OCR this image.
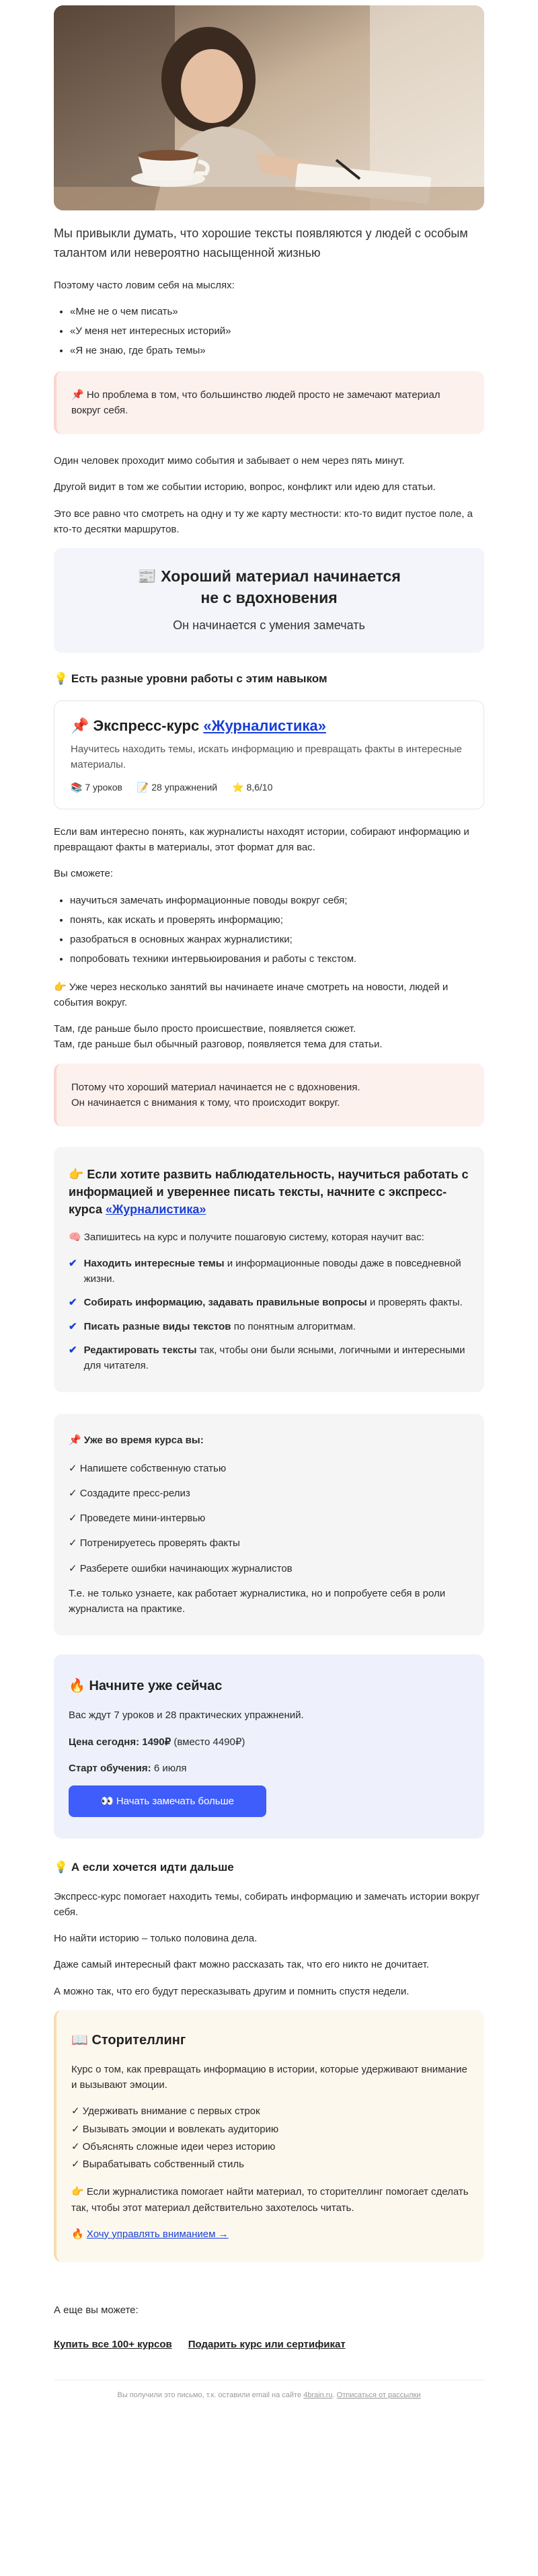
Мы привыкли думать, что хорошие тексты появляются у людей с особым талантом или невероятно насыщенной жизнью

Поэтому часто ловим себя на мыслях:

• «Мне не о чем писать»
• «У меня нет интересных историй»
• «Я не знаю, где брать темы»

📌 Но проблема в том, что большинство людей просто не замечают материал вокруг себя.

Один человек проходит мимо события и забывает о нем через пять минут.

Другой видит в том же событии историю, вопрос, конфликт или идею для статьи.

Это все равно что смотреть на одну и ту же карту местности: кто-то видит пустое поле, а кто-то десятки маршрутов.

📰 Хороший материал начинается
не с вдохновения
Он начинается с умения замечать
💡 Есть разные уровни работы с этим навыком
📌 Экспресс-курс «Журналистика»

Научитесь находить темы, искать информацию и превращать факты в интересные материалы.

📚 7 уроков 📝 28 упражнений ⭐ 8,6/10

Если вам интересно понять, как журналисты находят истории, собирают информацию и превращают факты в материалы, этот формат для вас.

Вы сможете:

• научиться замечать информационные поводы вокруг себя;
• понять, как искать и проверять информацию;
• разобраться в основных жанрах журналистики;
• попробовать техники интервьюирования и работы с текстом.

👉 Уже через несколько занятий вы начинаете иначе смотреть на новости, людей и события вокруг.

Там, где раньше было просто происшествие, появляется сюжет.
Там, где раньше был обычный разговор, появляется тема для статьи.

Потому что хороший материал начинается не с вдохновения.
Он начинается с внимания к тому, что происходит вокруг.

👉 Если хотите развить наблюдательность, научиться работать с информацией и увереннее писать тексты, начните с экспресс-курса «Журналистика»

🧠 Запишитесь на курс и получите пошаговую систему, которая научит вас:

✔ Находить интересные темы и информационные поводы даже в повседневной жизни.
✔ Собирать информацию, задавать правильные вопросы и проверять факты.
✔ Писать разные виды текстов по понятным алгоритмам.
✔ Редактировать тексты так, чтобы они были ясными, логичными и интересными для читателя.
📌 Уже во время курса вы:
✓ Напишете собственную статью
✓ Создадите пресс-релиз
✓ Проведете мини-интервью
✓ Потренируетесь проверять факты
✓ Разберете ошибки начинающих журналистов

Т.е. не только узнаете, как работает журналистика, но и попробуете себя в роли журналиста на практике.

🔥 Начните уже сейчас

Вас ждут 7 уроков и 28 практических упражнений.

Цена сегодня: 1490₽ (вместо 4490₽)

Старт обучения: 6 июля

👀 Начать замечать больше
💡 А если хочется идти дальше

Экспресс-курс помогает находить темы, собирать информацию и замечать истории вокруг себя.

Но найти историю – только половина дела.

Даже самый интересный факт можно рассказать так, что его никто не дочитает.

А можно так, что его будут пересказывать другим и помнить спустя недели.

📖 Сторителлинг

Курс о том, как превращать информацию в истории, которые удерживают внимание и вызывают эмоции.

✓ Удерживать внимание с первых строк
✓ Вызывать эмоции и вовлекать аудиторию
✓ Объяснять сложные идеи через историю
✓ Вырабатывать собственный стиль

👉 Если журналистика помогает найти материал, то сторителлинг помогает сделать так, чтобы этот материал действительно захотелось читать.

🔥 Хочу управлять вниманием →

А еще вы можете:

Купить все 100+ курсов Подарить курс или сертификат
Вы получили это письмо, т.к. оставили email на сайте 4brain.ru. Отписаться от рассылки
